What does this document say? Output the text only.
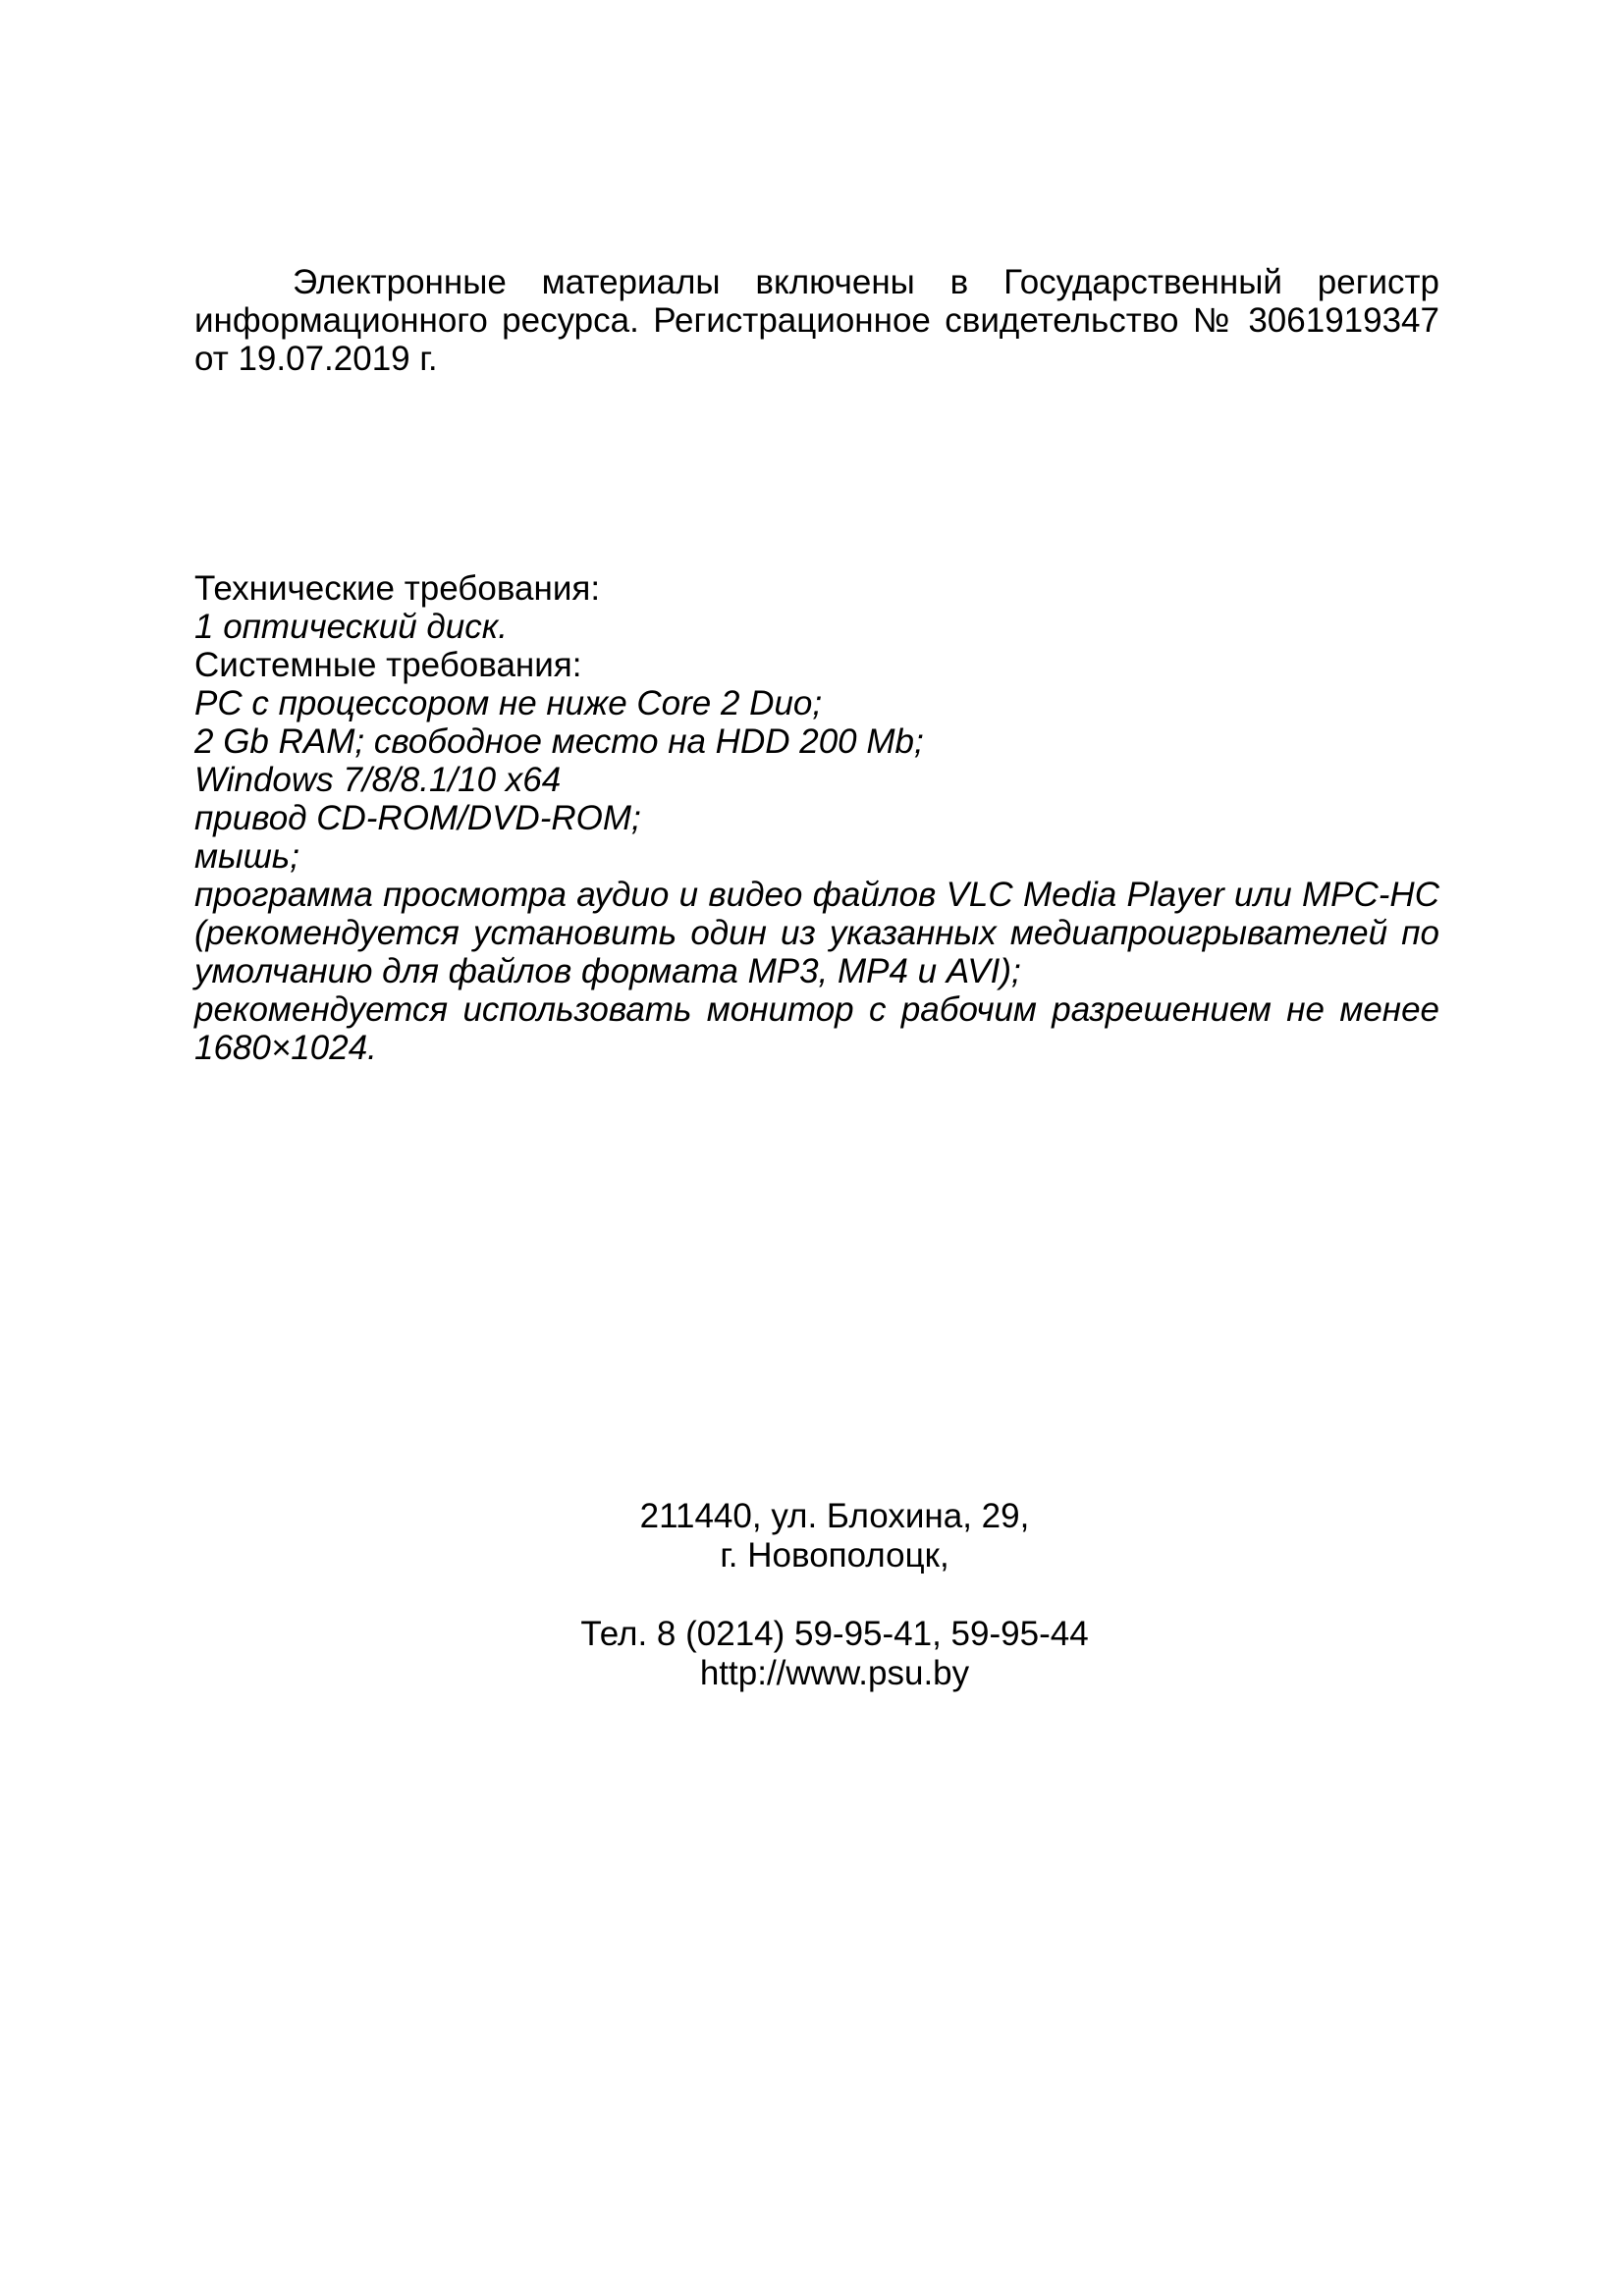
Электронные материалы включены в Государственный регистр информационного ресурса. Регистрационное свидетельство № 3061919347 от 19.07.2019 г.

Технические требования:
1 оптический диск.
Системные требования:
PC с процессором не ниже Core 2 Duo;
2 Gb RAM; свободное место на HDD 200 Mb;
Windows 7/8/8.1/10 x64
привод CD-ROM/DVD-ROM;
мышь;
программа просмотра аудио и видео файлов VLC Media Player или MPC-HC (рекомендуется установить один из указанных медиапроигрывателей по умолчанию для файлов формата MP3, MP4 и AVI);
рекомендуется использовать монитор с рабочим разрешением не менее 1680×1024.
211440, ул. Блохина, 29,
г. Новополоцк,
Тел. 8 (0214) 59-95-41, 59-95-44
http://www.psu.by
